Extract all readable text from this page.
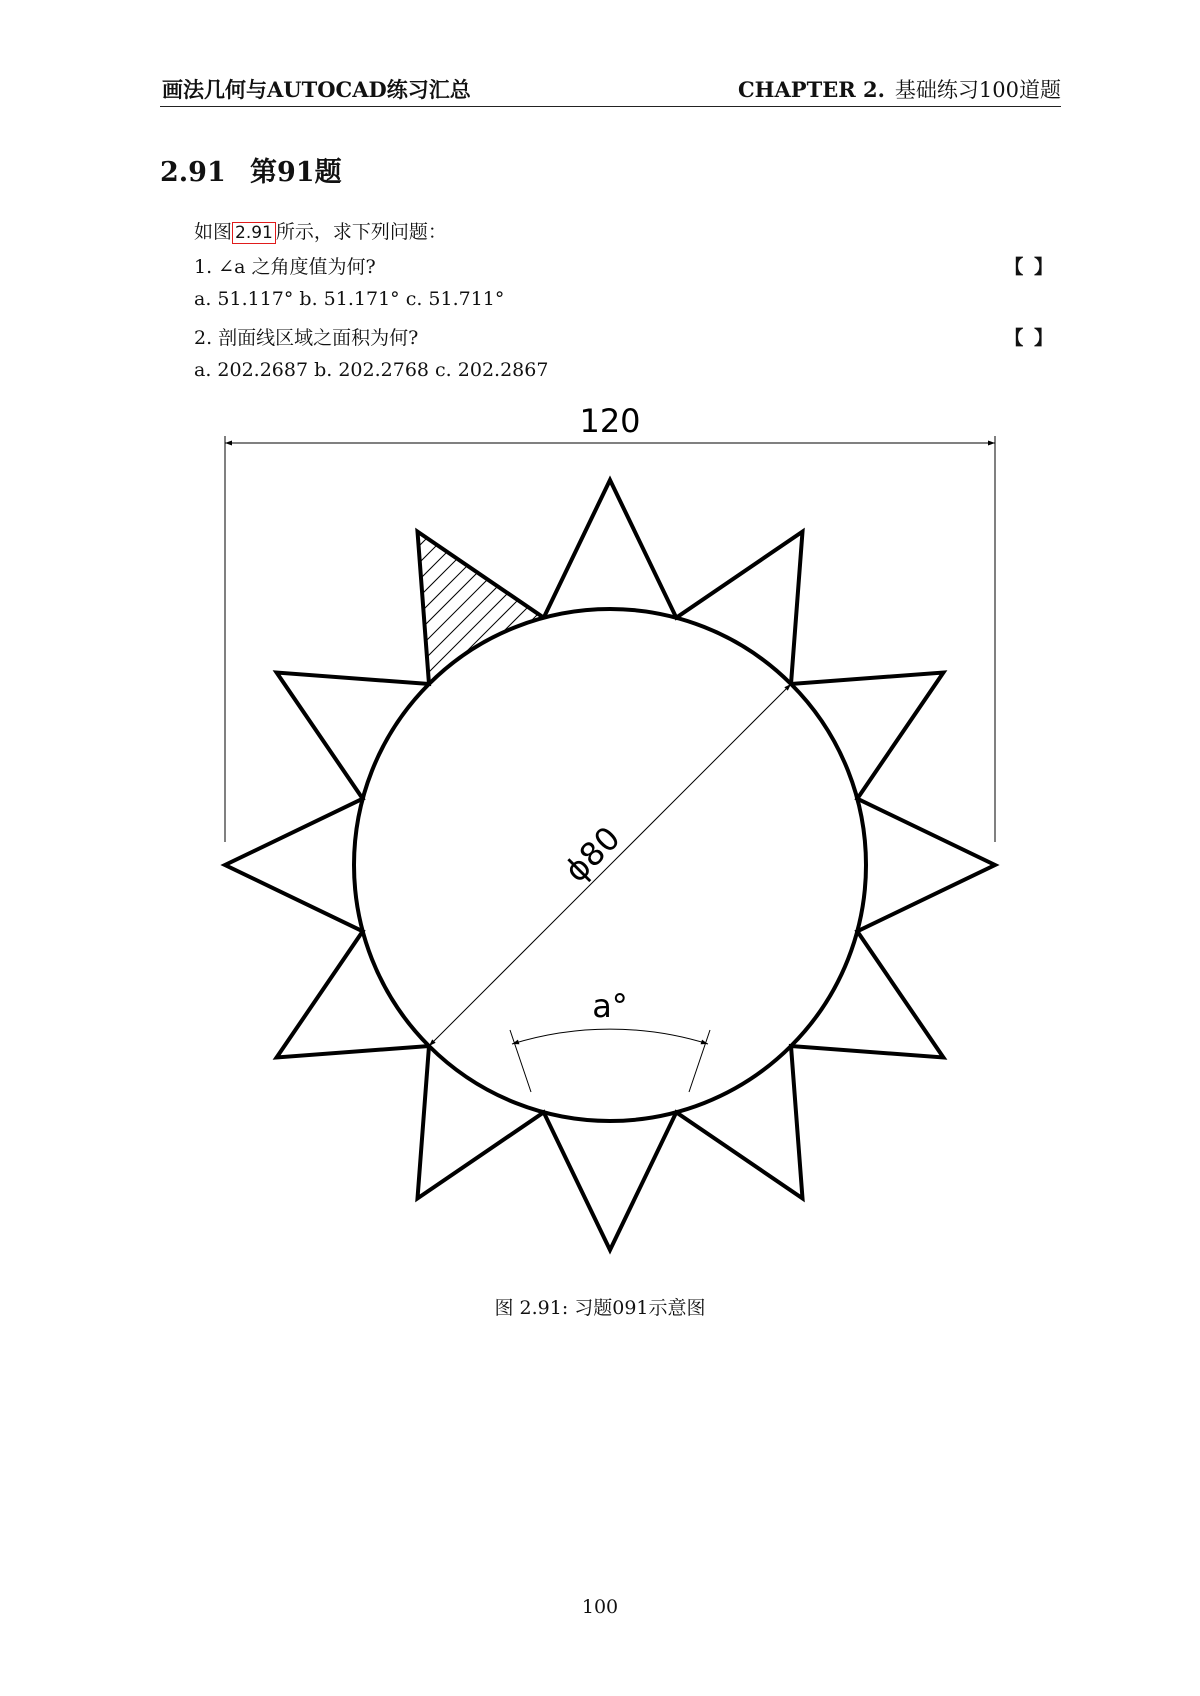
画法几何与AUTOCAD练习汇总	CHAPTER 2. 基础练习100道题
2.91 第91题
如图 2.91 所示，求下列问题：
1. ∠a 之角度值为何?	【 】
a. 51.117° b. 51.171° c. 51.711°
2. 剖面线区域之面积为何?	【 】
a. 202.2687 b. 202.2768 c. 202.2867
120
ϕ80
a°
图 2.91: 习题091示意图
100
